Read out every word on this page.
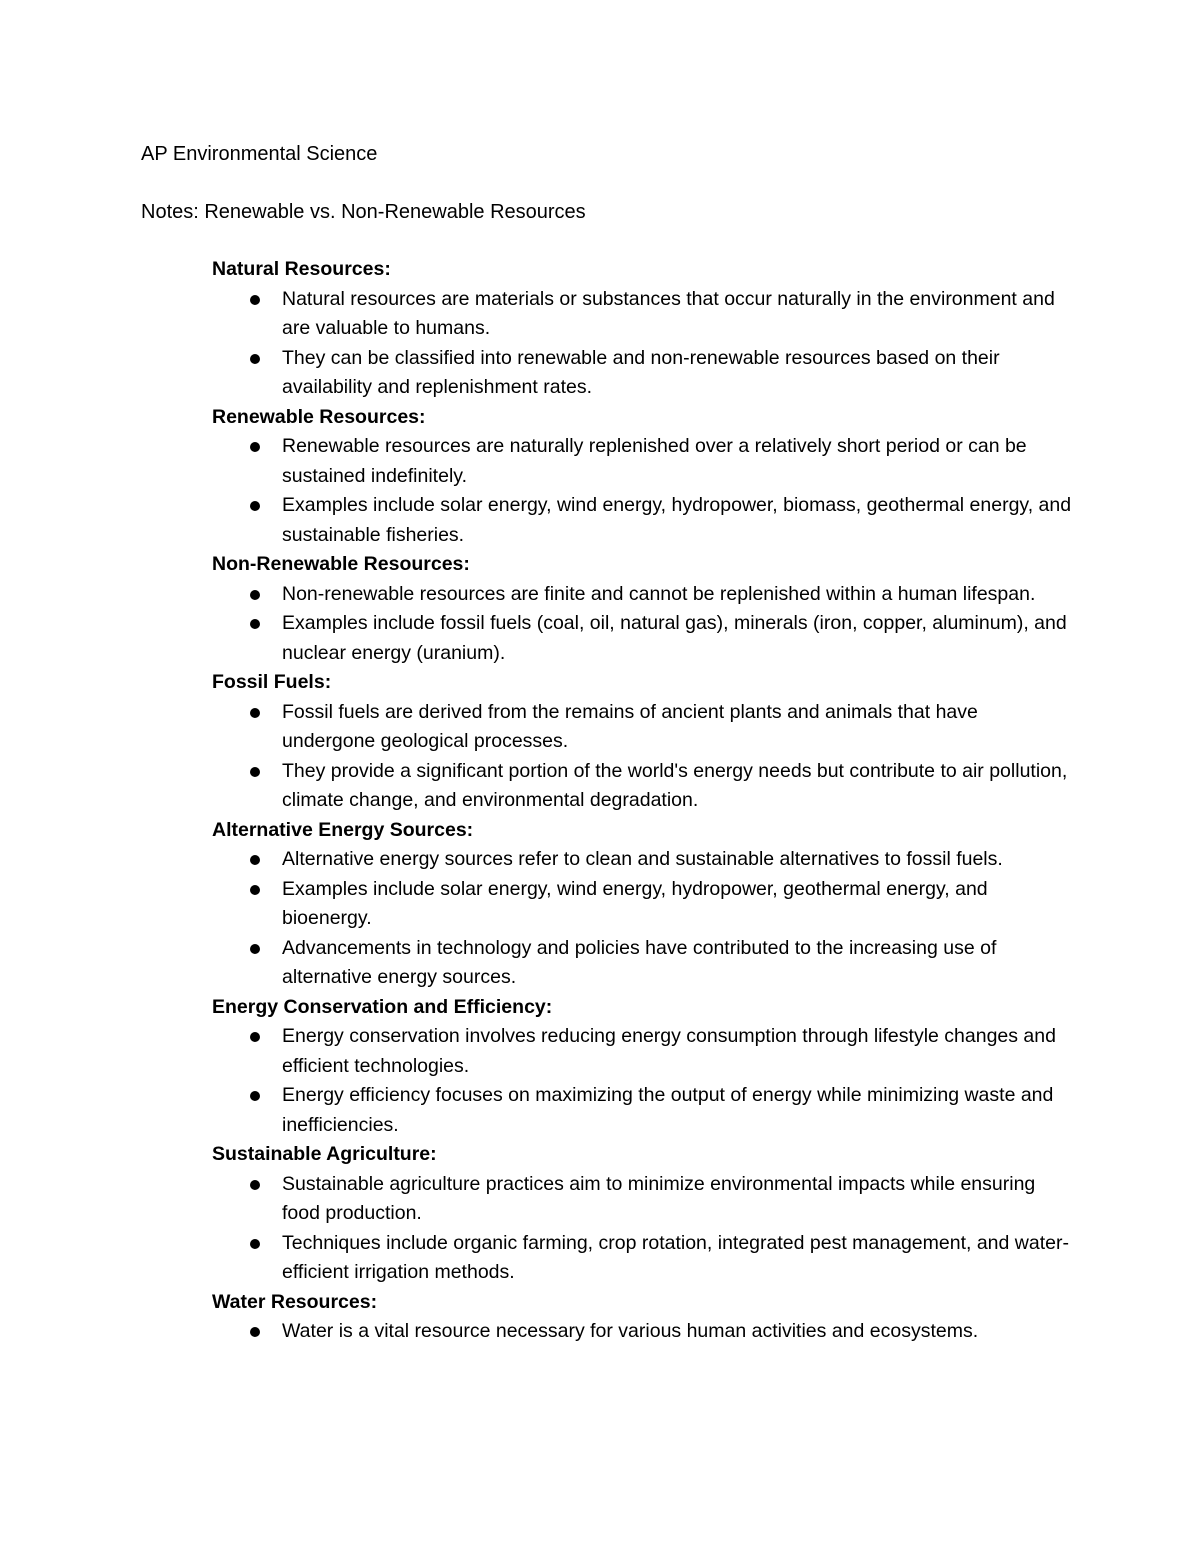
AP Environmental Science
Notes: Renewable vs. Non-Renewable Resources
Natural Resources:
Natural resources are materials or substances that occur naturally in the environment and are valuable to humans.
They can be classified into renewable and non-renewable resources based on their availability and replenishment rates.
Renewable Resources:
Renewable resources are naturally replenished over a relatively short period or can be sustained indefinitely.
Examples include solar energy, wind energy, hydropower, biomass, geothermal energy, and sustainable fisheries.
Non-Renewable Resources:
Non-renewable resources are finite and cannot be replenished within a human lifespan.
Examples include fossil fuels (coal, oil, natural gas), minerals (iron, copper, aluminum), and nuclear energy (uranium).
Fossil Fuels:
Fossil fuels are derived from the remains of ancient plants and animals that have undergone geological processes.
They provide a significant portion of the world's energy needs but contribute to air pollution, climate change, and environmental degradation.
Alternative Energy Sources:
Alternative energy sources refer to clean and sustainable alternatives to fossil fuels.
Examples include solar energy, wind energy, hydropower, geothermal energy, and bioenergy.
Advancements in technology and policies have contributed to the increasing use of alternative energy sources.
Energy Conservation and Efficiency:
Energy conservation involves reducing energy consumption through lifestyle changes and efficient technologies.
Energy efficiency focuses on maximizing the output of energy while minimizing waste and inefficiencies.
Sustainable Agriculture:
Sustainable agriculture practices aim to minimize environmental impacts while ensuring food production.
Techniques include organic farming, crop rotation, integrated pest management, and water-efficient irrigation methods.
Water Resources:
Water is a vital resource necessary for various human activities and ecosystems.
